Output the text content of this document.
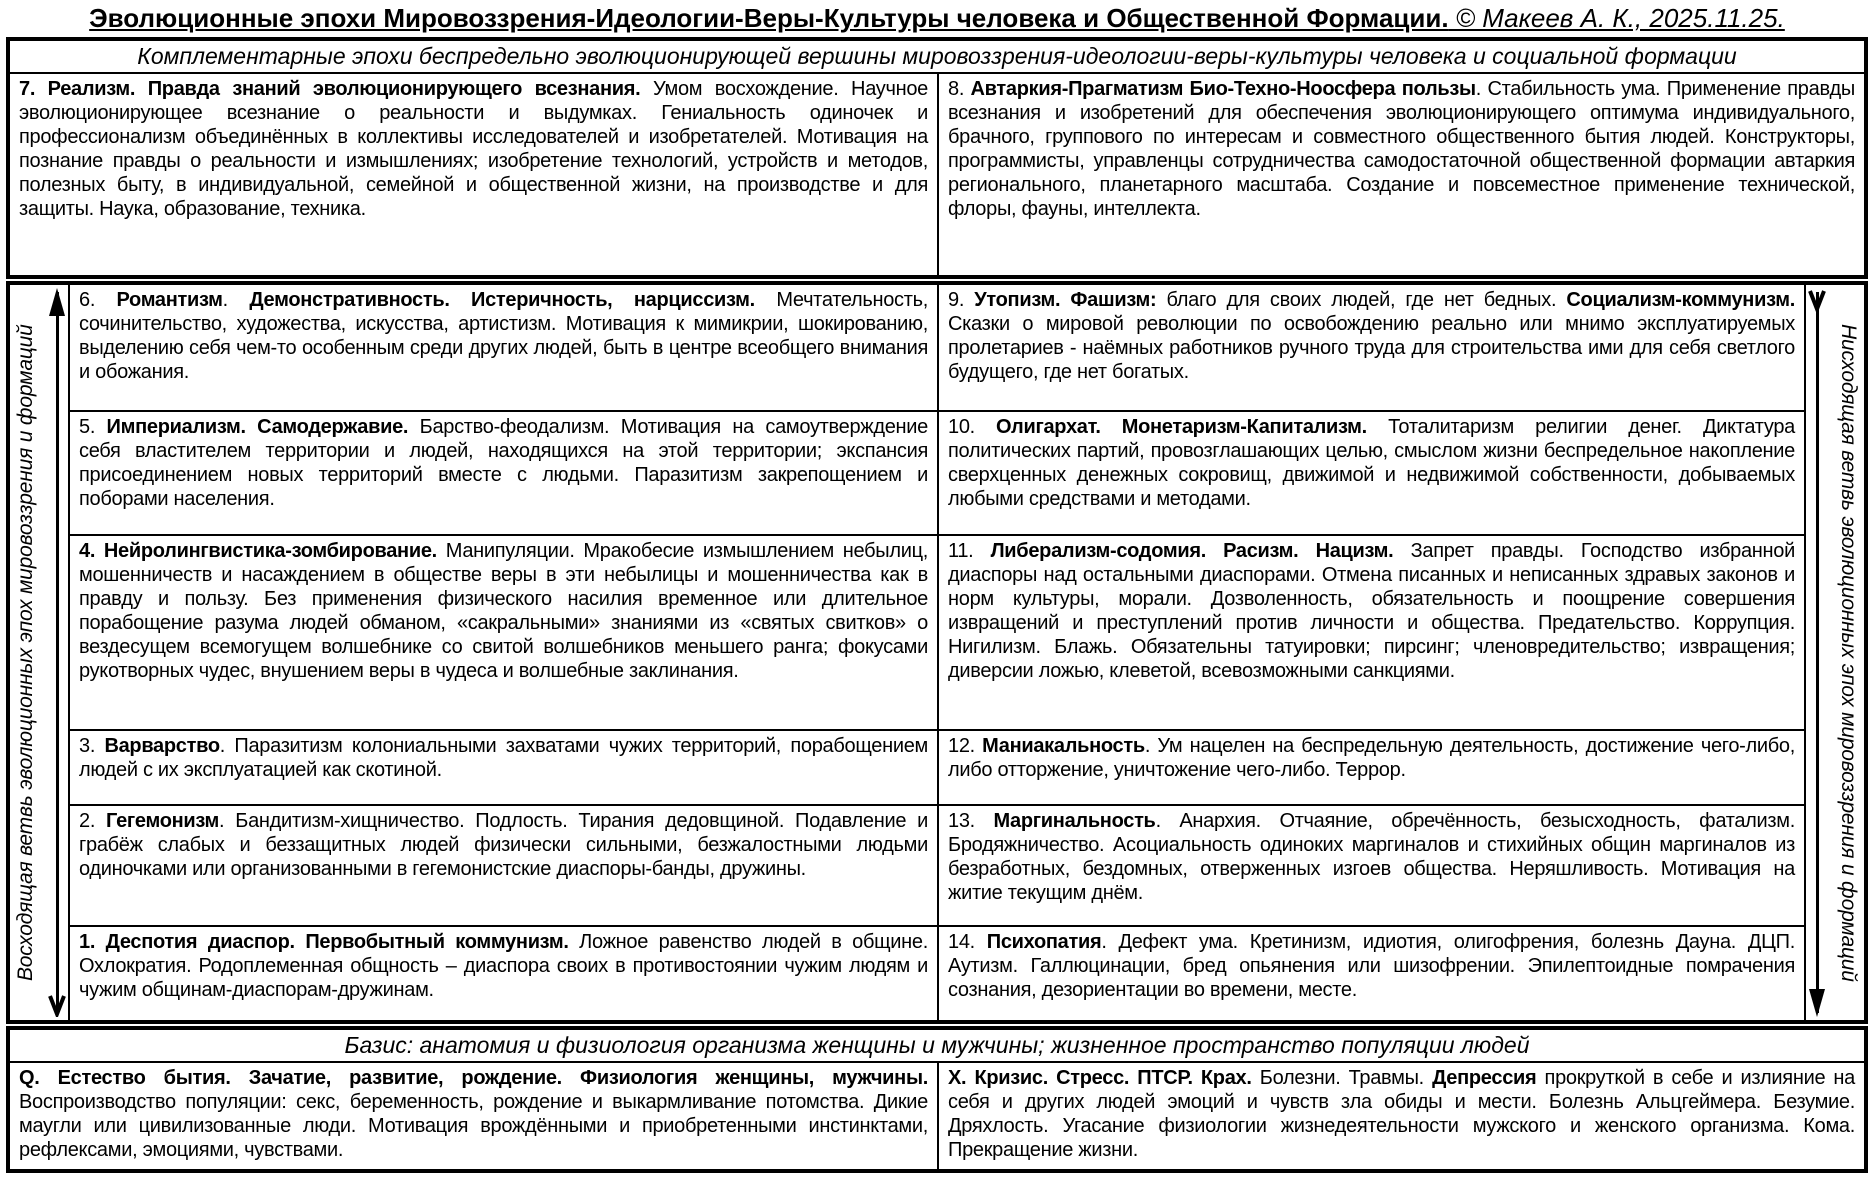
Эволюционные эпохи Мировоззрения-Идеологии-Веры-Культуры человека и Общественной Формации. © Макеев А. К., 2025.11.25.
Комплементарные эпохи беспредельно эволюционирующей вершины мировоззрения-идеологии-веры-культуры человека и социальной формации
7. Реализм. Правда знаний эволюционирующего всезнания. Умом восхождение. Научное эволюционирующее всезнание о реальности и выдумках. Гениальность одиночек и профессионализм объединённых в коллективы исследователей и изобретателей. Мотивация на познание правды о реальности и измышлениях; изобретение технологий, устройств и методов, полезных быту, в индивидуальной, семейной и общественной жизни, на производстве и для защиты. Наука, образование, техника.
8. Автаркия-Прагматизм Био-Техно-Ноосфера пользы. Стабильность ума. Применение правды всезнания и изобретений для обеспечения эволюционирующего оптимума индивидуального, брачного, группового по интересам и совместного общественного бытия людей. Конструкторы, программисты, управленцы сотрудничества самодостаточной общественной формации автаркия регионального, планетарного масштаба. Создание и повсеместное применение технической, флоры, фауны, интеллекта.
Восходящая ветвь эволюционных эпох мировоззрения и формаций
6. Романтизм. Демонстративность. Истеричность, нарциссизм. Мечтательность, сочинительство, художества, искусства, артистизм. Мотивация к мимикрии, шокированию, выделению себя чем-то особенным среди других людей, быть в центре всеобщего внимания и обожания.
9. Утопизм. Фашизм: благо для своих людей, где нет бедных. Социализм-коммунизм. Сказки о мировой революции по освобождению реально или мнимо эксплуатируемых пролетариев - наёмных работников ручного труда для строительства ими для себя светлого будущего, где нет богатых.
5. Империализм. Самодержавие. Барство-феодализм. Мотивация на самоутверждение себя властителем территории и людей, находящихся на этой территории; экспансия присоединением новых территорий вместе с людьми. Паразитизм закрепощением и поборами населения.
10. Олигархат. Монетаризм-Капитализм. Тоталитаризм религии денег. Диктатура политических партий, провозглашающих целью, смыслом жизни беспредельное накопление сверхценных денежных сокровищ, движимой и недвижимой собственности, добываемых любыми средствами и методами.
4. Нейролингвистика-зомбирование. Манипуляции. Мракобесие измышлением небылиц, мошенничеств и насаждением в обществе веры в эти небылицы и мошенничества как в правду и пользу. Без применения физического насилия временное или длительное порабощение разума людей обманом, «сакральными» знаниями из «святых свитков» о вездесущем всемогущем волшебнике со свитой волшебников меньшего ранга; фокусами рукотворных чудес, внушением веры в чудеса и волшебные заклинания.
11. Либерализм-содомия. Расизм. Нацизм. Запрет правды. Господство избранной диаспоры над остальными диаспорами. Отмена писанных и неписанных здравых законов и норм культуры, морали. Дозволенность, обязательность и поощрение совершения извращений и преступлений против личности и общества. Предательство. Коррупция. Нигилизм. Блажь. Обязательны татуировки; пирсинг; членовредительство; извращения; диверсии ложью, клеветой, всевозможными санкциями.
3. Варварство. Паразитизм колониальными захватами чужих территорий, порабощением людей с их эксплуатацией как скотиной.
12. Маниакальность. Ум нацелен на беспредельную деятельность, достижение чего-либо, либо отторжение, уничтожение чего-либо. Террор.
2. Гегемонизм. Бандитизм-хищничество. Подлость. Тирания дедовщиной. Подавление и грабёж слабых и беззащитных людей физически сильными, безжалостными людьми одиночками или организованными в гегемонистские диаспоры-банды, дружины.
13. Маргинальность. Анархия. Отчаяние, обречённость, безысходность, фатализм. Бродяжничество. Асоциальность одиноких маргиналов и стихийных общин маргиналов из безработных, бездомных, отверженных изгоев общества. Неряшливость. Мотивация на житие текущим днём.
1. Деспотия диаспор. Первобытный коммунизм. Ложное равенство людей в общине. Охлократия. Родоплеменная общность – диаспора своих в противостоянии чужим людям и чужим общинам-диаспорам-дружинам.
14. Психопатия. Дефект ума. Кретинизм, идиотия, олигофрения, болезнь Дауна. ДЦП. Аутизм. Галлюцинации, бред опьянения или шизофрении. Эпилептоидные помрачения сознания, дезориентации во времени, месте.
Нисходящая ветвь эволюционных эпох мировоззрения и формаций
Базис: анатомия и физиология организма женщины и мужчины; жизненное пространство популяции людей
Q. Естество бытия. Зачатие, развитие, рождение. Физиология женщины, мужчины. Воспроизводство популяции: секс, беременность, рождение и выкармливание потомства. Дикие маугли или цивилизованные люди. Мотивация врождёнными и приобретенными инстинктами, рефлексами, эмоциями, чувствами.
X. Кризис. Стресс. ПТСР. Крах. Болезни. Травмы. Депрессия прокруткой в себе и излияние на себя и других людей эмоций и чувств зла обиды и мести. Болезнь Альцгеймера. Безумие. Дряхлость. Угасание физиологии жизнедеятельности мужского и женского организма. Кома. Прекращение жизни.
